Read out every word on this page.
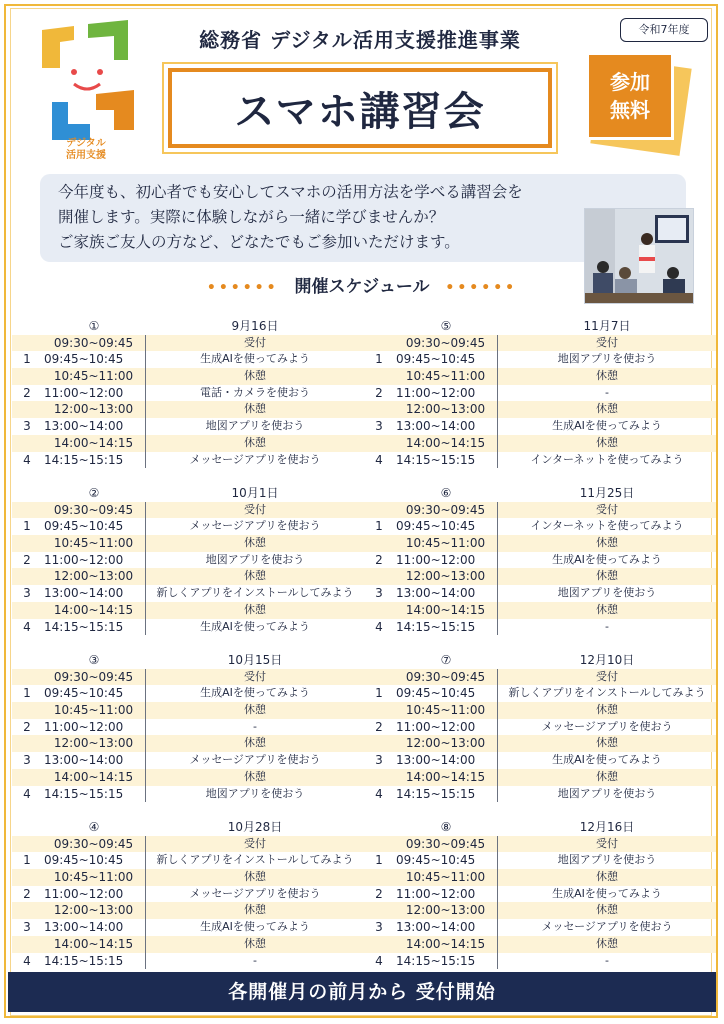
デジタル
活用支援
総務省 デジタル活用支援推進事業	令和7年度
スマホ講習会
参加
無料
今年度も、初心者でも安心してスマホの活用方法を学べる講習会を
開催します。実際に体験しながら一緒に学びませんか？
ご家族ご友人の方など、どなたでもご参加いただけます。
•••••• 開催スケジュール ••••••
①	9月16日
09:30~09:45	受付
1	09:45~10:45	生成AIを使ってみよう
10:45~11:00	休憩
2	11:00~12:00	電話・カメラを使おう
12:00~13:00	休憩
3	13:00~14:00	地図アプリを使おう
14:00~14:15	休憩
4	14:15~15:15	メッセージアプリを使おう
⑤	11月7日
09:30~09:45	受付
1	09:45~10:45	地図アプリを使おう
10:45~11:00	休憩
2	11:00~12:00	-
12:00~13:00	休憩
3	13:00~14:00	生成AIを使ってみよう
14:00~14:15	休憩
4	14:15~15:15	インターネットを使ってみよう
②	10月1日
09:30~09:45	受付
1	09:45~10:45	メッセージアプリを使おう
10:45~11:00	休憩
2	11:00~12:00	地図アプリを使おう
12:00~13:00	休憩
3	13:00~14:00	新しくアプリをインストールしてみよう
14:00~14:15	休憩
4	14:15~15:15	生成AIを使ってみよう
⑥	11月25日
09:30~09:45	受付
1	09:45~10:45	インターネットを使ってみよう
10:45~11:00	休憩
2	11:00~12:00	生成AIを使ってみよう
12:00~13:00	休憩
3	13:00~14:00	地図アプリを使おう
14:00~14:15	休憩
4	14:15~15:15	-
③	10月15日
09:30~09:45	受付
1	09:45~10:45	生成AIを使ってみよう
10:45~11:00	休憩
2	11:00~12:00	-
12:00~13:00	休憩
3	13:00~14:00	メッセージアプリを使おう
14:00~14:15	休憩
4	14:15~15:15	地図アプリを使おう
⑦	12月10日
09:30~09:45	受付
1	09:45~10:45	新しくアプリをインストールしてみよう
10:45~11:00	休憩
2	11:00~12:00	メッセージアプリを使おう
12:00~13:00	休憩
3	13:00~14:00	生成AIを使ってみよう
14:00~14:15	休憩
4	14:15~15:15	地図アプリを使おう
④	10月28日
09:30~09:45	受付
1	09:45~10:45	新しくアプリをインストールしてみよう
10:45~11:00	休憩
2	11:00~12:00	メッセージアプリを使おう
12:00~13:00	休憩
3	13:00~14:00	生成AIを使ってみよう
14:00~14:15	休憩
4	14:15~15:15	-
⑧	12月16日
09:30~09:45	受付
1	09:45~10:45	地図アプリを使おう
10:45~11:00	休憩
2	11:00~12:00	生成AIを使ってみよう
12:00~13:00	休憩
3	13:00~14:00	メッセージアプリを使おう
14:00~14:15	休憩
4	14:15~15:15	-
各開催月の前月から 受付開始
